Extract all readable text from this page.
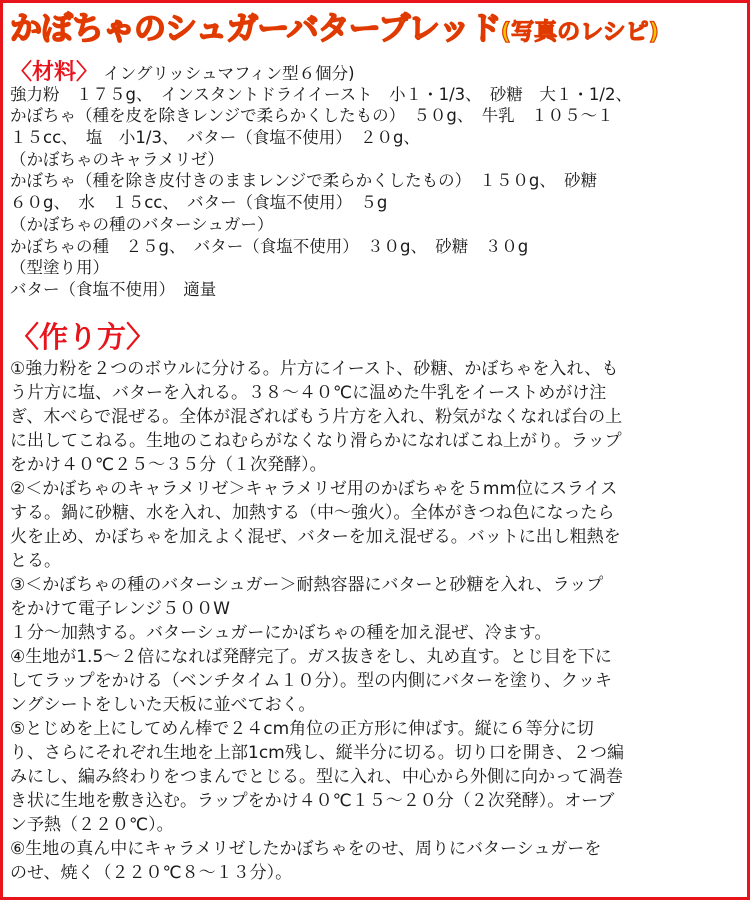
かぼちゃのシュガーバターブレッド(写真のレシピ)
〈材料〉 イングリッシュマフィン型６個分)
強力粉　１７５g、　インスタントドライイースト　小１・1/3、　砂糖　大１・1/2、
かぼちゃ（種を皮を除きレンジで柔らかくしたもの）　５０g、　牛乳　１０５～１
１５cc、　塩　小1/3、　バター（食塩不使用）　２０g、
（かぼちゃのキャラメリゼ）
かぼちゃ（種を除き皮付きのままレンジで柔らかくしたもの）　１５０g、　砂糖
６０g、　水　１５cc、　バター（食塩不使用）　５g
（かぼちゃの種のバターシュガー）
かぼちゃの種　２５g、　バター（食塩不使用）　３０g、　砂糖　３０g
（型塗り用）
バター（食塩不使用）　適量
〈作り方〉
①強力粉を２つのボウルに分ける。片方にイースト、砂糖、かぼちゃを入れ、も
う片方に塩、バターを入れる。３８～４０℃に温めた牛乳をイーストめがけ注
ぎ、木べらで混ぜる。全体が混ざればもう片方を入れ、粉気がなくなれば台の上
に出してこねる。生地のこねむらがなくなり滑らかになればこね上がり。ラップ
をかけ４０℃２５～３５分（１次発酵）。
②＜かぼちゃのキャラメリゼ＞キャラメリゼ用のかぼちゃを５mm位にスライス
する。鍋に砂糖、水を入れ、加熱する（中～強火）。全体がきつね色になったら
火を止め、かぼちゃを加えよく混ぜ、バターを加え混ぜる。バットに出し粗熱を
とる。
③＜かぼちゃの種のバターシュガー＞耐熱容器にバターと砂糖を入れ、ラップ
をかけて電子レンジ５００W
１分～加熱する。バターシュガーにかぼちゃの種を加え混ぜ、冷ます。
④生地が1.5～２倍になれば発酵完了。ガス抜きをし、丸め直す。とじ目を下に
してラップをかける（ベンチタイム１０分）。型の内側にバターを塗り、クッキ
ングシートをしいた天板に並べておく。
⑤とじめを上にしてめん棒で２４cm角位の正方形に伸ばす。縦に６等分に切
り、さらにそれぞれ生地を上部1cm残し、縦半分に切る。切り口を開き、２つ編
みにし、編み終わりをつまんでとじる。型に入れ、中心から外側に向かって渦巻
き状に生地を敷き込む。ラップをかけ４０℃１５～２０分（２次発酵）。オーブ
ン予熱（２２０℃）。
⑥生地の真ん中にキャラメリゼしたかぼちゃをのせ、周りにバターシュガーを
のせ、焼く（２２０℃８～１３分）。
